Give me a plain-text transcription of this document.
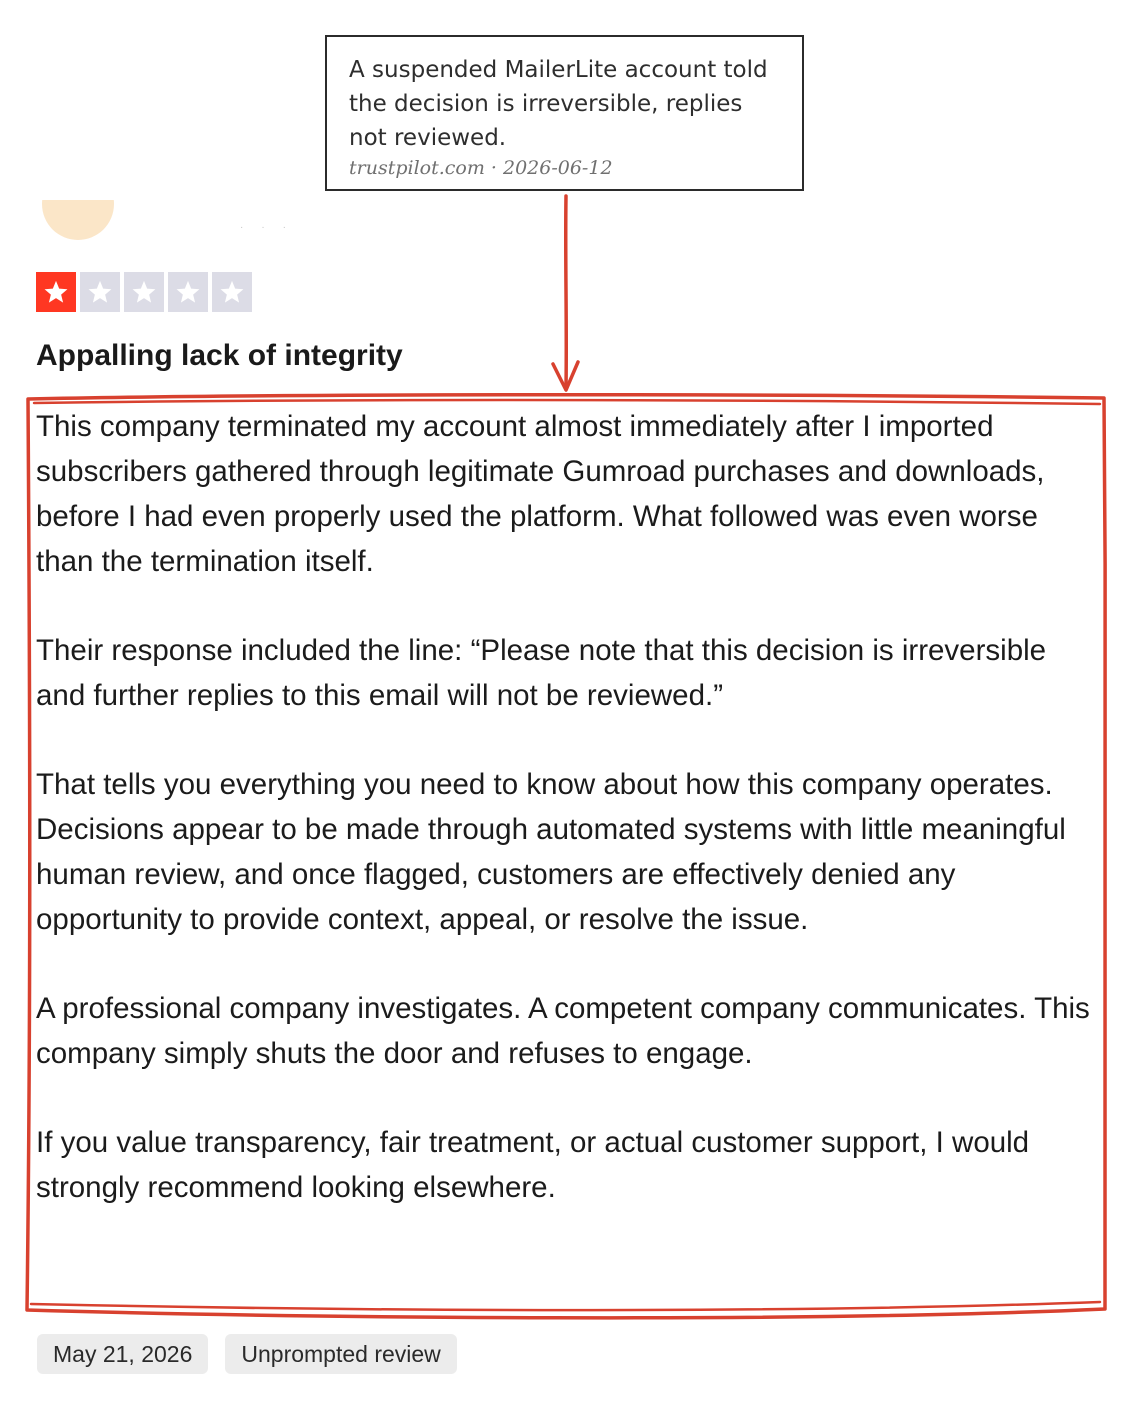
A suspended MailerLite account told the decision is irreversible, replies not reviewed.

trustpilot.com · 2026-06-12
···
Appalling lack of integrity

This company terminated my account almost immediately after I imported subscribers gathered through legitimate Gumroad purchases and downloads, before I had even properly used the platform. What followed was even worse than the termination itself.

Their response included the line: “Please note that this decision is irreversible and further replies to this email will not be reviewed.”

That tells you everything you need to know about how this company operates. Decisions appear to be made through automated systems with little meaningful human review, and once flagged, customers are effectively denied any opportunity to provide context, appeal, or resolve the issue.

A professional company investigates. A competent company communicates. This company simply shuts the door and refuses to engage.

If you value transparency, fair treatment, or actual customer support, I would strongly recommend looking elsewhere.

May 21, 2026	Unprompted review
